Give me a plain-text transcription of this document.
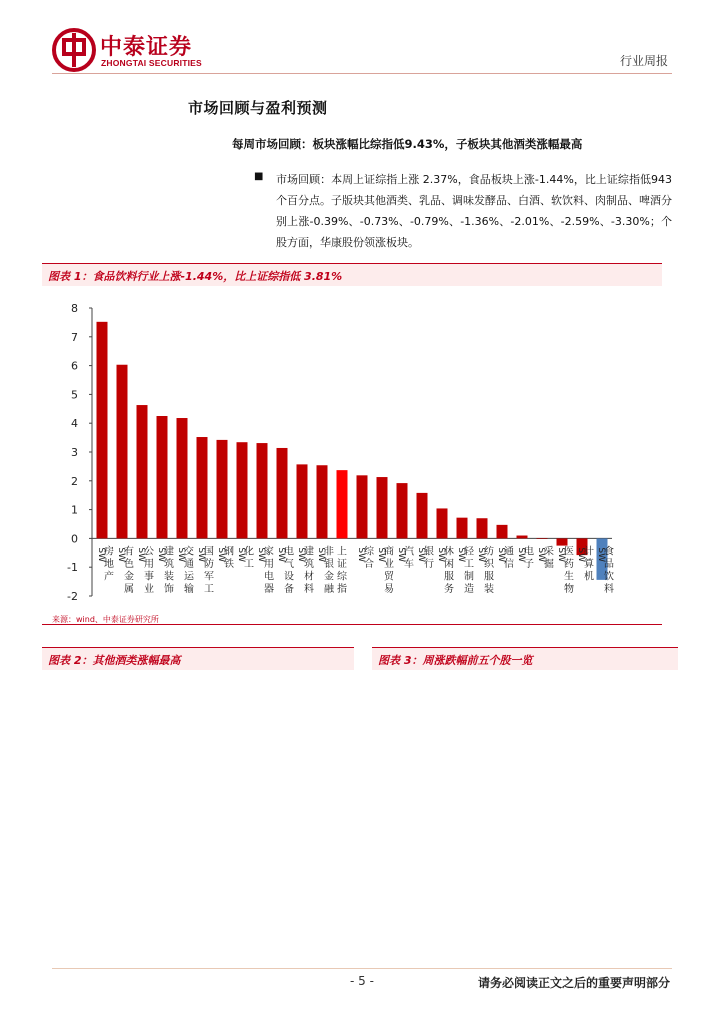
中泰证券
ZHONGTAI SECURITIES	行业周报
市场回顾与盈利预测
每周市场回顾：板块涨幅比综指低9.43%，子板块其他酒类涨幅最高
■ 市场回顾：本周上证综指上涨 2.37%，食品板块上涨-1.44%，比上证综指低943个百分点。子版块其他酒类、乳品、调味发酵品、白酒、软饮料、肉制品、啤酒分别上涨-0.39%、-0.73%、-0.79%、-1.36%、-2.01%、-2.59%、-3.30%；个股方面，华康股份领涨板块。
图表 1：食品饮料行业上涨-1.44%，比上证综指低 3.81%
-2
-1
0
1
2
3
4
5
6
7
8
SW
房地产
SW
有色金属
SW
公用事业
SW
建筑装饰
SW
交通运输
SW
国防军工
SW
钢铁
SW
化工
SW
家用电器
SW
电气设备
SW
建筑材料
SW
非银金融
上证综指
SW
综合
SW
商业贸易
SW
汽车
SW
银行
SW
休闲服务
SW
轻工制造
SW
纺织服装
SW
通信
SW
电子
SW
采掘
SW
医药生物
SW
计算机
SW
食品饮料
来源：wind、中泰证券研究所
图表 2：其他酒类涨幅最高	图表 3：周涨跌幅前五个股一览
- 5 -	请务必阅读正文之后的重要声明部分
